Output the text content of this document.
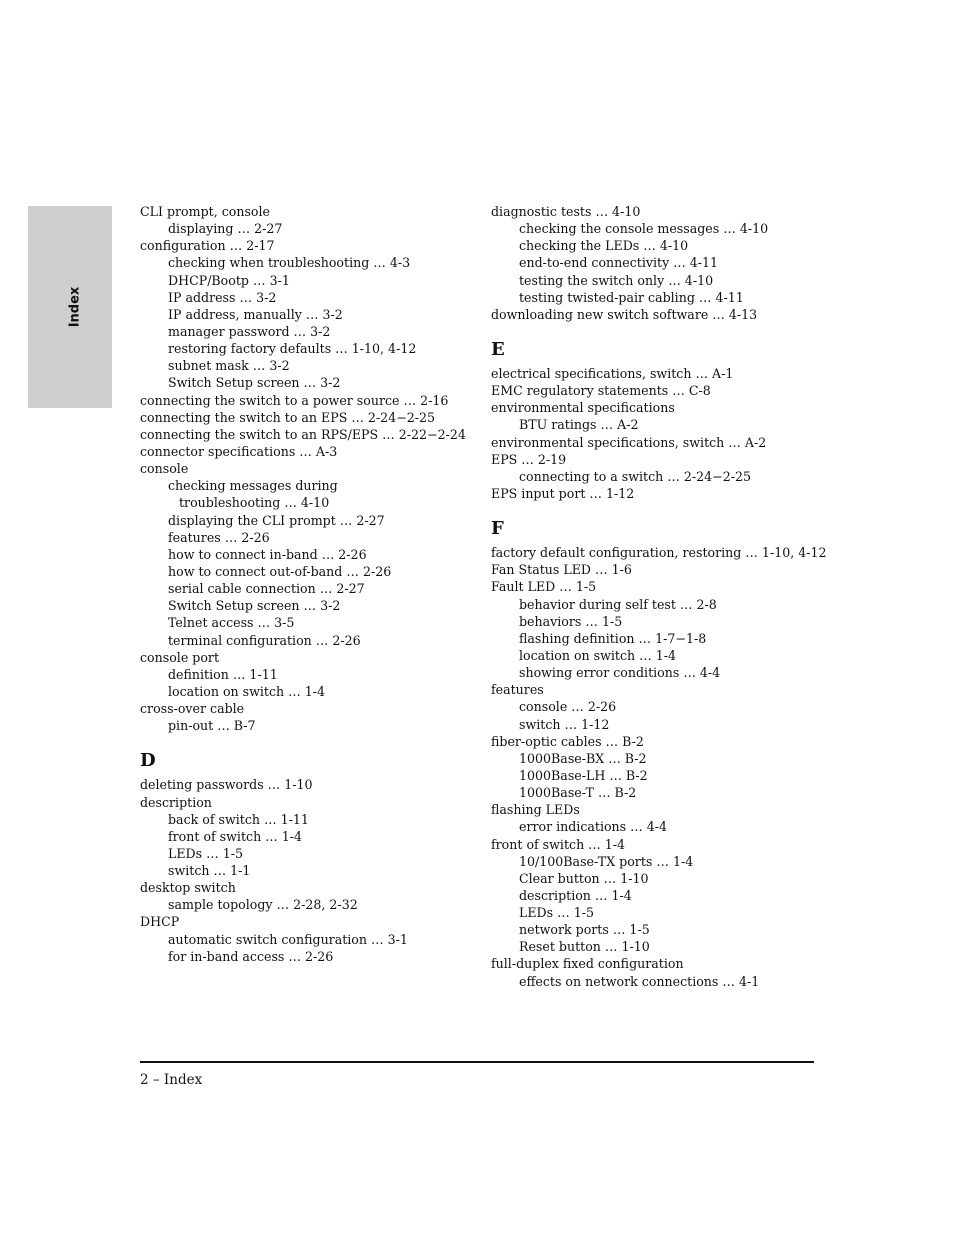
Index
CLI prompt, console
displaying … 2-27
configuration … 2-17
checking when troubleshooting … 4-3
DHCP/Bootp … 3-1
IP address … 3-2
IP address, manually … 3-2
manager password … 3-2
restoring factory defaults … 1-10, 4-12
subnet mask … 3-2
Switch Setup screen … 3-2
connecting the switch to a power source … 2-16
connecting the switch to an EPS … 2-24−2-25
connecting the switch to an RPS/EPS … 2-22−2-24
connector specifications … A-3
console
checking messages during
troubleshooting … 4-10
displaying the CLI prompt … 2-27
features … 2-26
how to connect in-band … 2-26
how to connect out-of-band … 2-26
serial cable connection … 2-27
Switch Setup screen … 3-2
Telnet access … 3-5
terminal configuration … 2-26
console port
definition … 1-11
location on switch … 1-4
cross-over cable
pin-out … B-7
D
deleting passwords … 1-10
description
back of switch … 1-11
front of switch … 1-4
LEDs … 1-5
switch … 1-1
desktop switch
sample topology … 2-28, 2-32
DHCP
automatic switch configuration … 3-1
for in-band access … 2-26
diagnostic tests … 4-10
checking the console messages … 4-10
checking the LEDs … 4-10
end-to-end connectivity … 4-11
testing the switch only … 4-10
testing twisted-pair cabling … 4-11
downloading new switch software … 4-13
E
electrical specifications, switch … A-1
EMC regulatory statements … C-8
environmental specifications
BTU ratings … A-2
environmental specifications, switch … A-2
EPS … 2-19
connecting to a switch … 2-24−2-25
EPS input port … 1-12
F
factory default configuration, restoring … 1-10, 4-12
Fan Status LED … 1-6
Fault LED … 1-5
behavior during self test … 2-8
behaviors … 1-5
flashing definition … 1-7−1-8
location on switch … 1-4
showing error conditions … 4-4
features
console … 2-26
switch … 1-12
fiber-optic cables … B-2
1000Base-BX … B-2
1000Base-LH … B-2
1000Base-T … B-2
flashing LEDs
error indications … 4-4
front of switch … 1-4
10/100Base-TX ports … 1-4
Clear button … 1-10
description … 1-4
LEDs … 1-5
network ports … 1-5
Reset button … 1-10
full-duplex fixed configuration
effects on network connections … 4-1
2 – Index
